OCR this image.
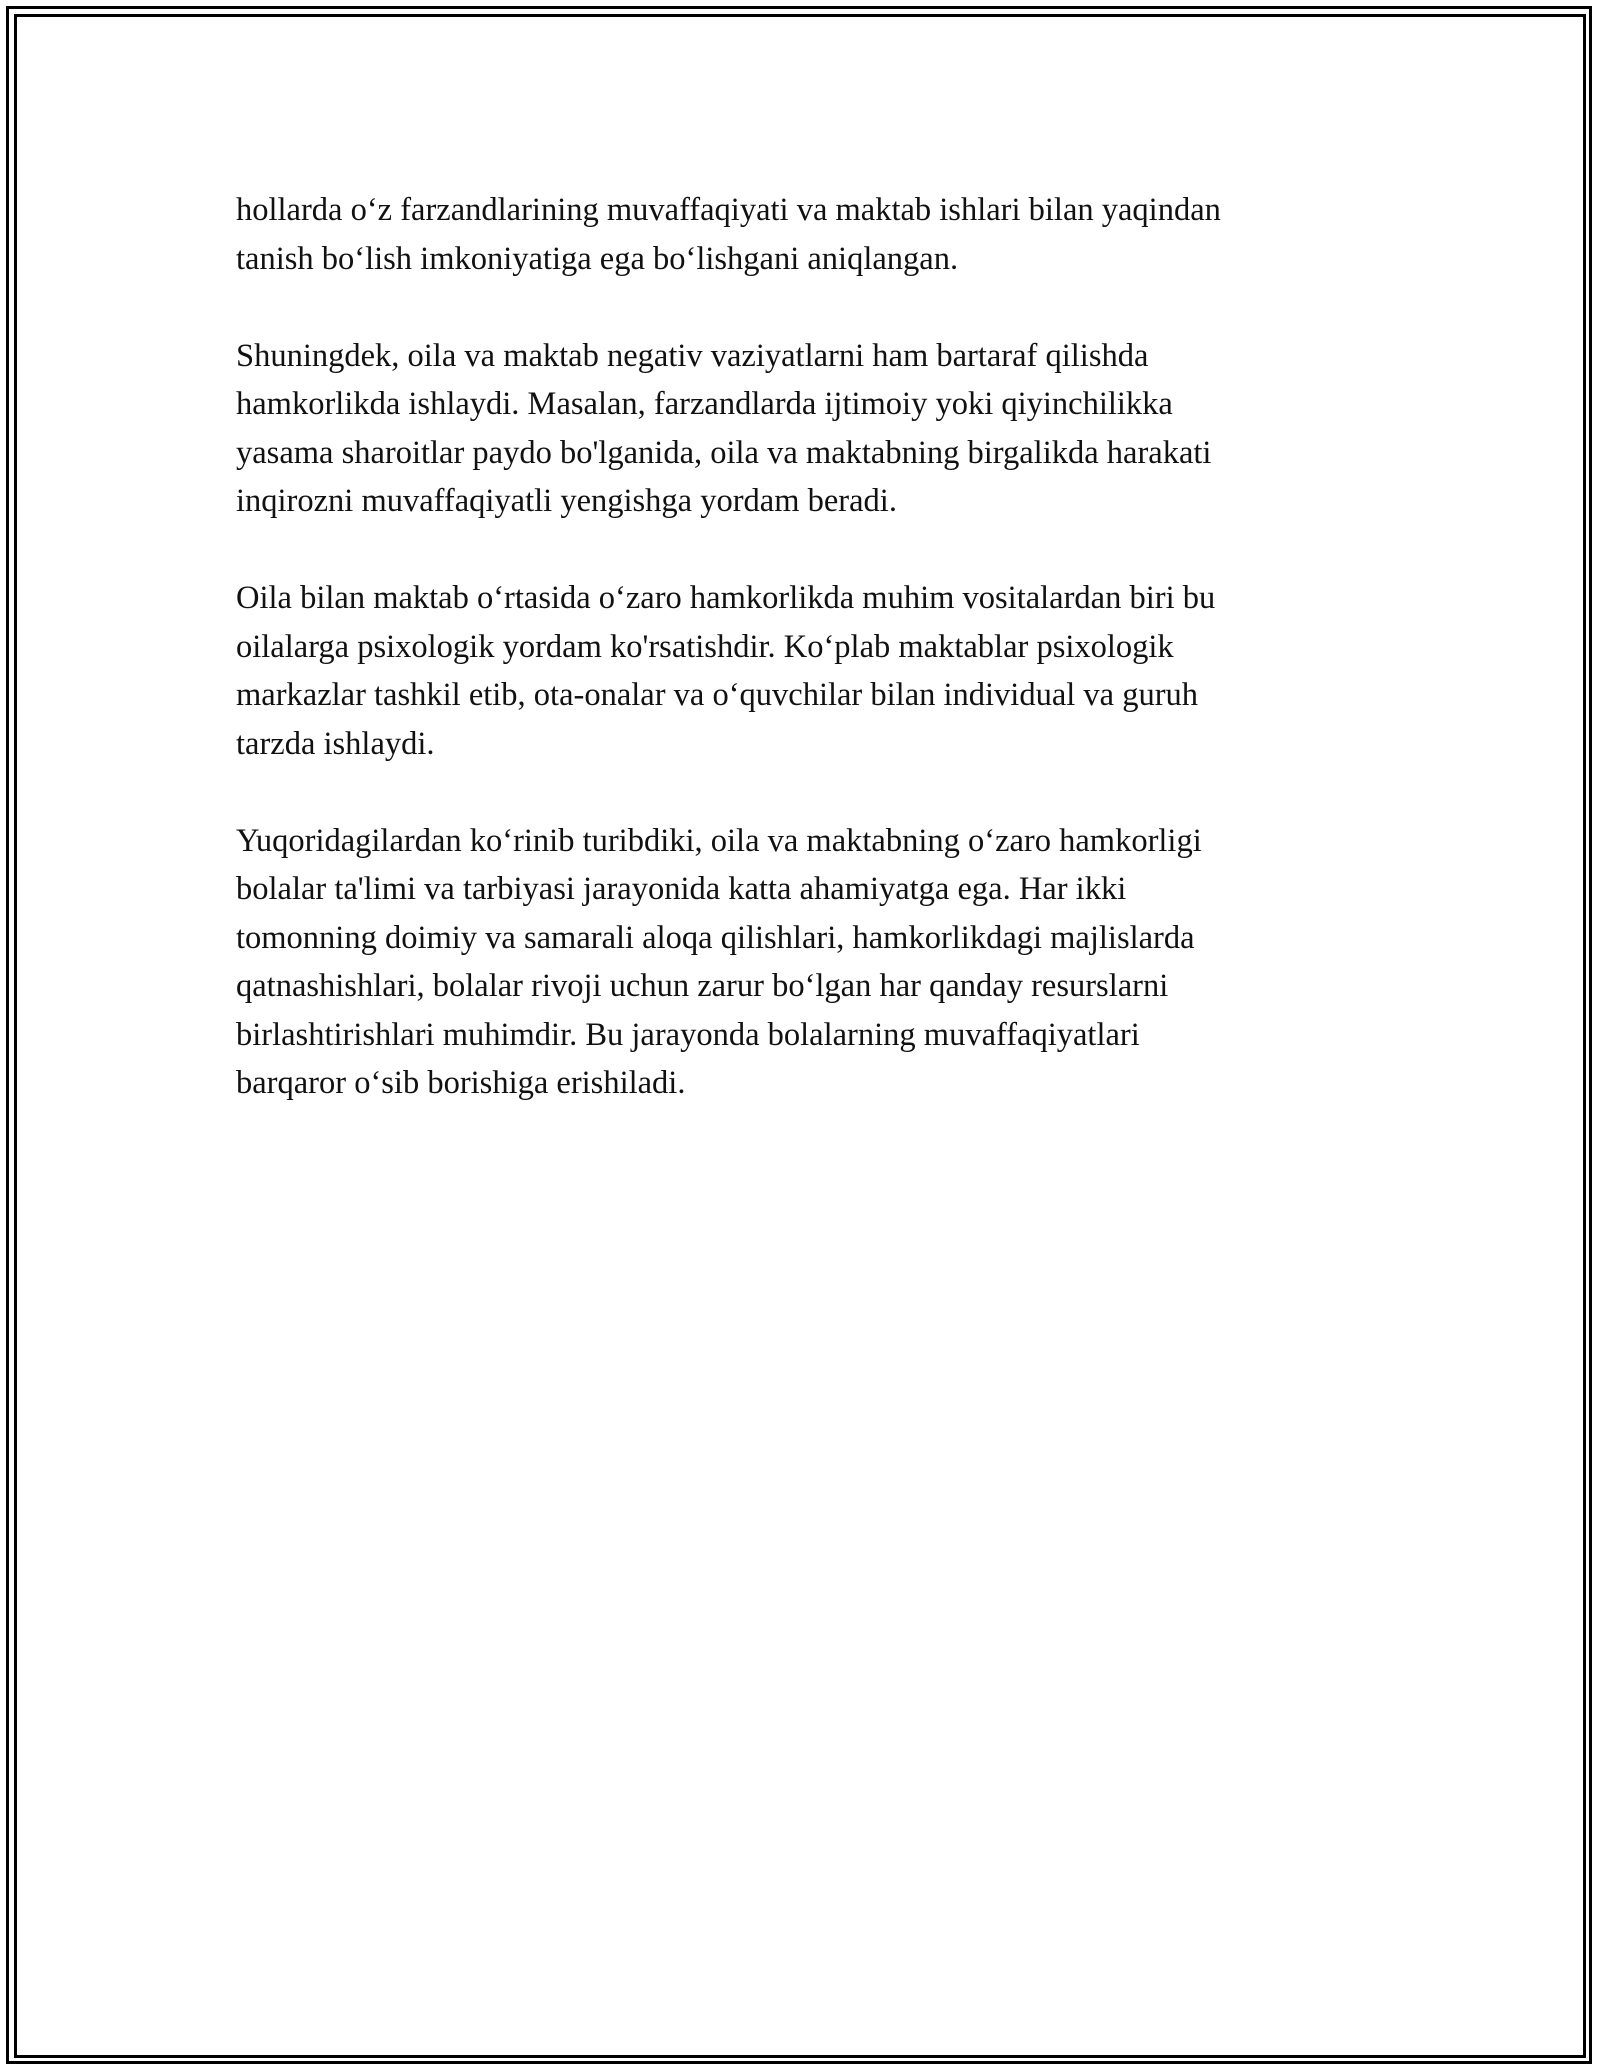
hollarda o‘z farzandlarining muvaffaqiyati va maktab ishlari bilan yaqindan
tanish bo‘lish imkoniyatiga ega bo‘lishgani aniqlangan.

Shuningdek, oila va maktab negativ vaziyatlarni ham bartaraf qilishda
hamkorlikda ishlaydi. Masalan, farzandlarda ijtimoiy yoki qiyinchilikka
yasama sharoitlar paydo bo'lganida, oila va maktabning birgalikda harakati
inqirozni muvaffaqiyatli yengishga yordam beradi.

Oila bilan maktab o‘rtasida o‘zaro hamkorlikda muhim vositalardan biri bu
oilalarga psixologik yordam ko'rsatishdir. Ko‘plab maktablar psixologik
markazlar tashkil etib, ota-onalar va o‘quvchilar bilan individual va guruh
tarzda ishlaydi.

Yuqoridagilardan ko‘rinib turibdiki, oila va maktabning o‘zaro hamkorligi
bolalar ta'limi va tarbiyasi jarayonida katta ahamiyatga ega. Har ikki
tomonning doimiy va samarali aloqa qilishlari, hamkorlikdagi majlislarda
qatnashishlari, bolalar rivoji uchun zarur bo‘lgan har qanday resurslarni
birlashtirishlari muhimdir. Bu jarayonda bolalarning muvaffaqiyatlari
barqaror o‘sib borishiga erishiladi.
